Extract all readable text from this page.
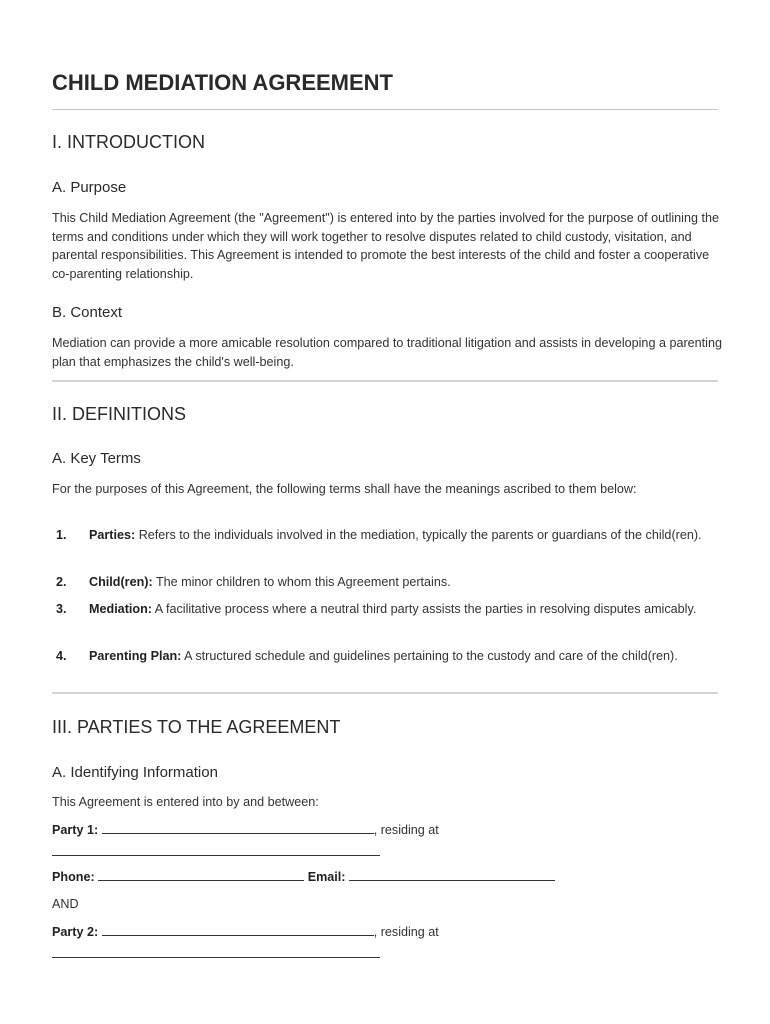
CHILD MEDIATION AGREEMENT
I. INTRODUCTION
A. Purpose
This Child Mediation Agreement (the "Agreement") is entered into by the parties involved for the purpose of outlining the terms and conditions under which they will work together to resolve disputes related to child custody, visitation, and parental responsibilities. This Agreement is intended to promote the best interests of the child and foster a cooperative co-parenting relationship.
B. Context
Mediation can provide a more amicable resolution compared to traditional litigation and assists in developing a parenting plan that emphasizes the child's well-being.
II. DEFINITIONS
A. Key Terms
For the purposes of this Agreement, the following terms shall have the meanings ascribed to them below:
1. Parties: Refers to the individuals involved in the mediation, typically the parents or guardians of the child(ren).
2. Child(ren): The minor children to whom this Agreement pertains.
3. Mediation: A facilitative process where a neutral third party assists the parties in resolving disputes amicably.
4. Parenting Plan: A structured schedule and guidelines pertaining to the custody and care of the child(ren).
III. PARTIES TO THE AGREEMENT
A. Identifying Information
This Agreement is entered into by and between:
Party 1:	, residing at
Phone:	Email:
AND
Party 2:	, residing at
